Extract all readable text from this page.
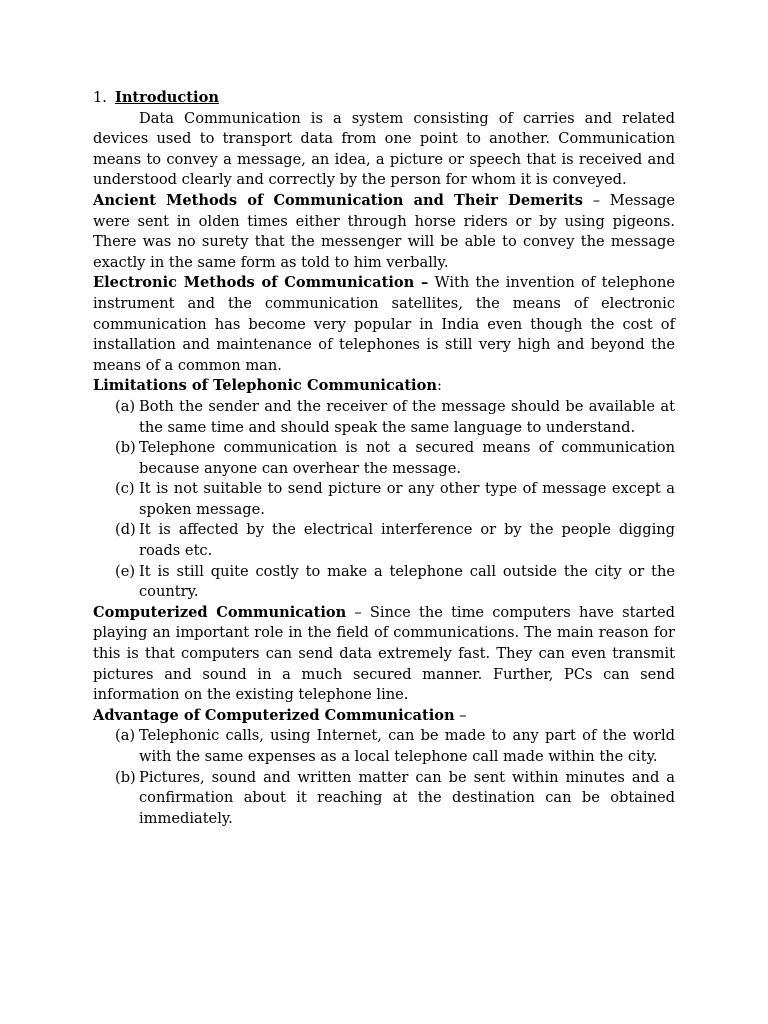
1. Introduction

Data Communication is a system consisting of carries and related devices used to transport data from one point to another. Communication means to convey a message, an idea, a picture or speech that is received and understood clearly and correctly by the person for whom it is conveyed.

Ancient Methods of Communication and Their Demerits – Message were sent in olden times either through horse riders or by using pigeons. There was no surety that the messenger will be able to convey the message exactly in the same form as told to him verbally.

Electronic Methods of Communication – With the invention of telephone instrument and the communication satellites, the means of electronic communication has become very popular in India even though the cost of installation and maintenance of telephones is still very high and beyond the means of a common man.

Limitations of Telephonic Communication:
(a) Both the sender and the receiver of the message should be available at the same time and should speak the same language to understand.
(b) Telephone communication is not a secured means of communication because anyone can overhear the message.
(c) It is not suitable to send picture or any other type of message except a spoken message.
(d) It is affected by the electrical interference or by the people digging roads etc.
(e) It is still quite costly to make a telephone call outside the city or the country.

Computerized Communication – Since the time computers have started playing an important role in the field of communications. The main reason for this is that computers can send data extremely fast. They can even transmit pictures and sound in a much secured manner. Further, PCs can send information on the existing telephone line.

Advantage of Computerized Communication –
(a) Telephonic calls, using Internet, can be made to any part of the world with the same expenses as a local telephone call made within the city.
(b) Pictures, sound and written matter can be sent within minutes and a confirmation about it reaching at the destination can be obtained immediately.
